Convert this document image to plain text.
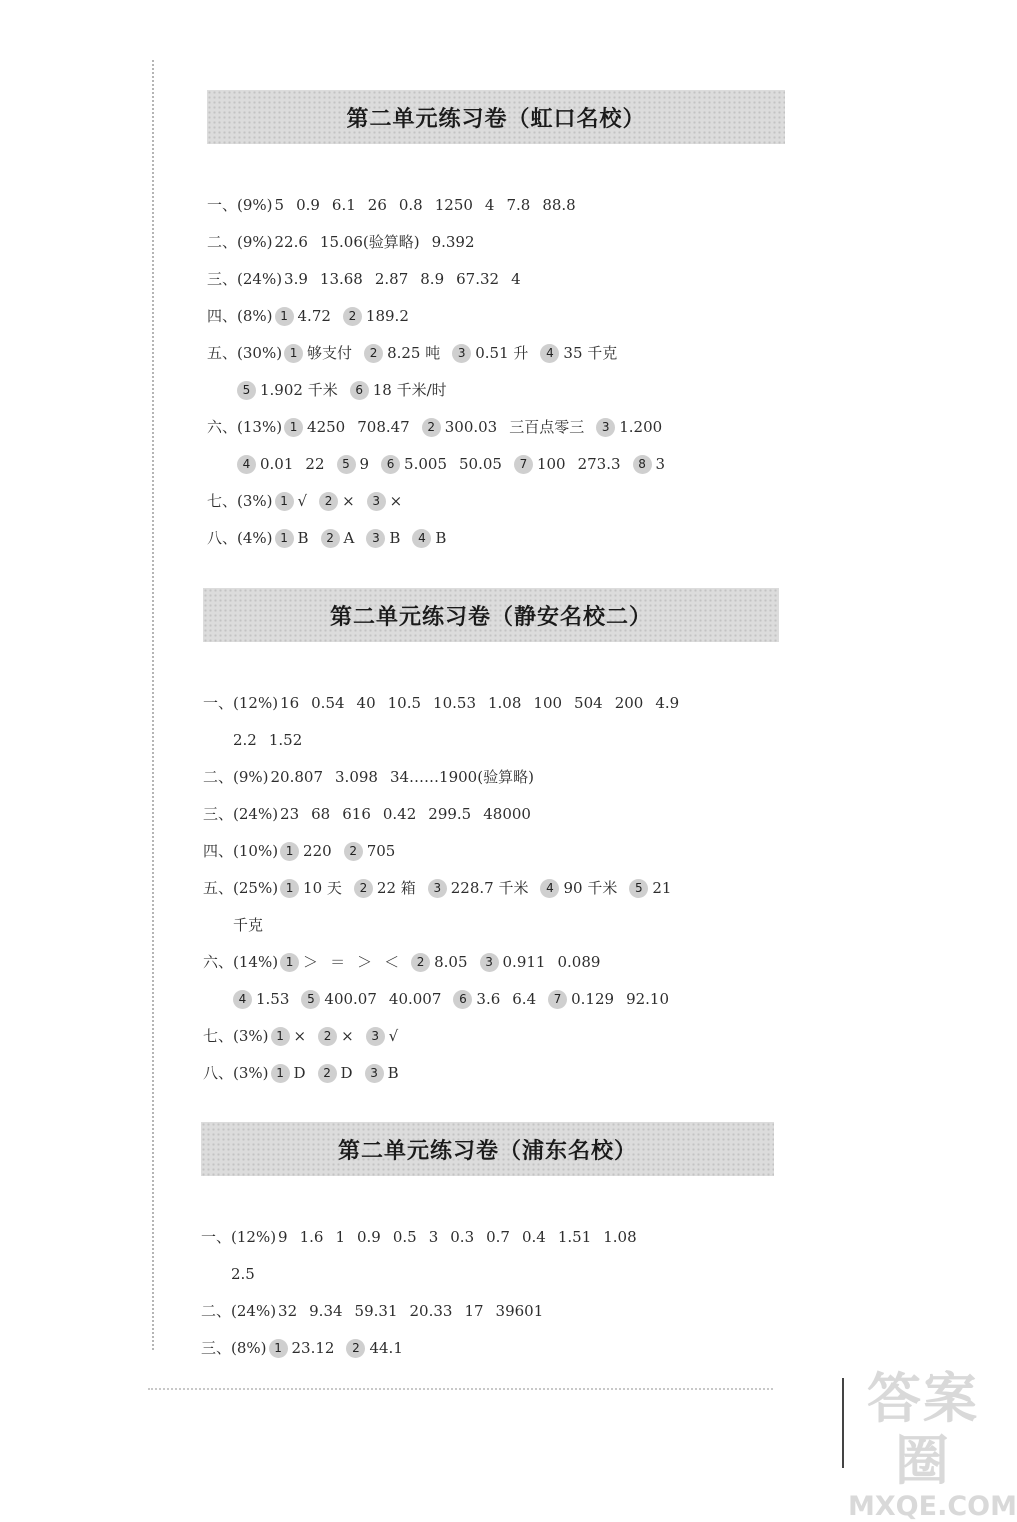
第二单元练习卷（虹口名校）
一、(9%) 5 0.9 6.1 26 0.8 1250 4 7.8 88.8
二、(9%) 22.6 15.06(验算略) 9.392
三、(24%) 3.9 13.68 2.87 8.9 67.32 4
四、(8%) 1 4.72 2 189.2
五、(30%) 1 够支付 2 8.25 吨 3 0.51 升 4 35 千克
5 1.902 千米 6 18 千米/时
六、(13%) 1 4250 708.47 2 300.03 三百点零三 3 1.200
4 0.01 22 5 9 6 5.005 50.05 7 100 273.3 8 3
七、(3%) 1 √ 2 × 3 ×
八、(4%) 1 B 2 A 3 B 4 B
第二单元练习卷（静安名校二）
一、(12%) 16 0.54 40 10.5 10.53 1.08 100 504 200 4.9
2.2 1.52
二、(9%) 20.807 3.098 34……1900(验算略)
三、(24%) 23 68 616 0.42 299.5 48000
四、(10%) 1 220 2 705
五、(25%) 1 10 天 2 22 箱 3 228.7 千米 4 90 千米 5 21
千克
六、(14%) 1 ＞ ＝ ＞ ＜ 2 8.05 3 0.911 0.089
4 1.53 5 400.07 40.007 6 3.6 6.4 7 0.129 92.10
七、(3%) 1 × 2 × 3 √
八、(3%) 1 D 2 D 3 B
第二单元练习卷（浦东名校）
一、(12%) 9 1.6 1 0.9 0.5 3 0.3 0.7 0.4 1.51 1.08
2.5
二、(24%) 32 9.34 59.31 20.33 17 39601
三、(8%) 1 23.12 2 44.1
答案圈
MXQE.COM
